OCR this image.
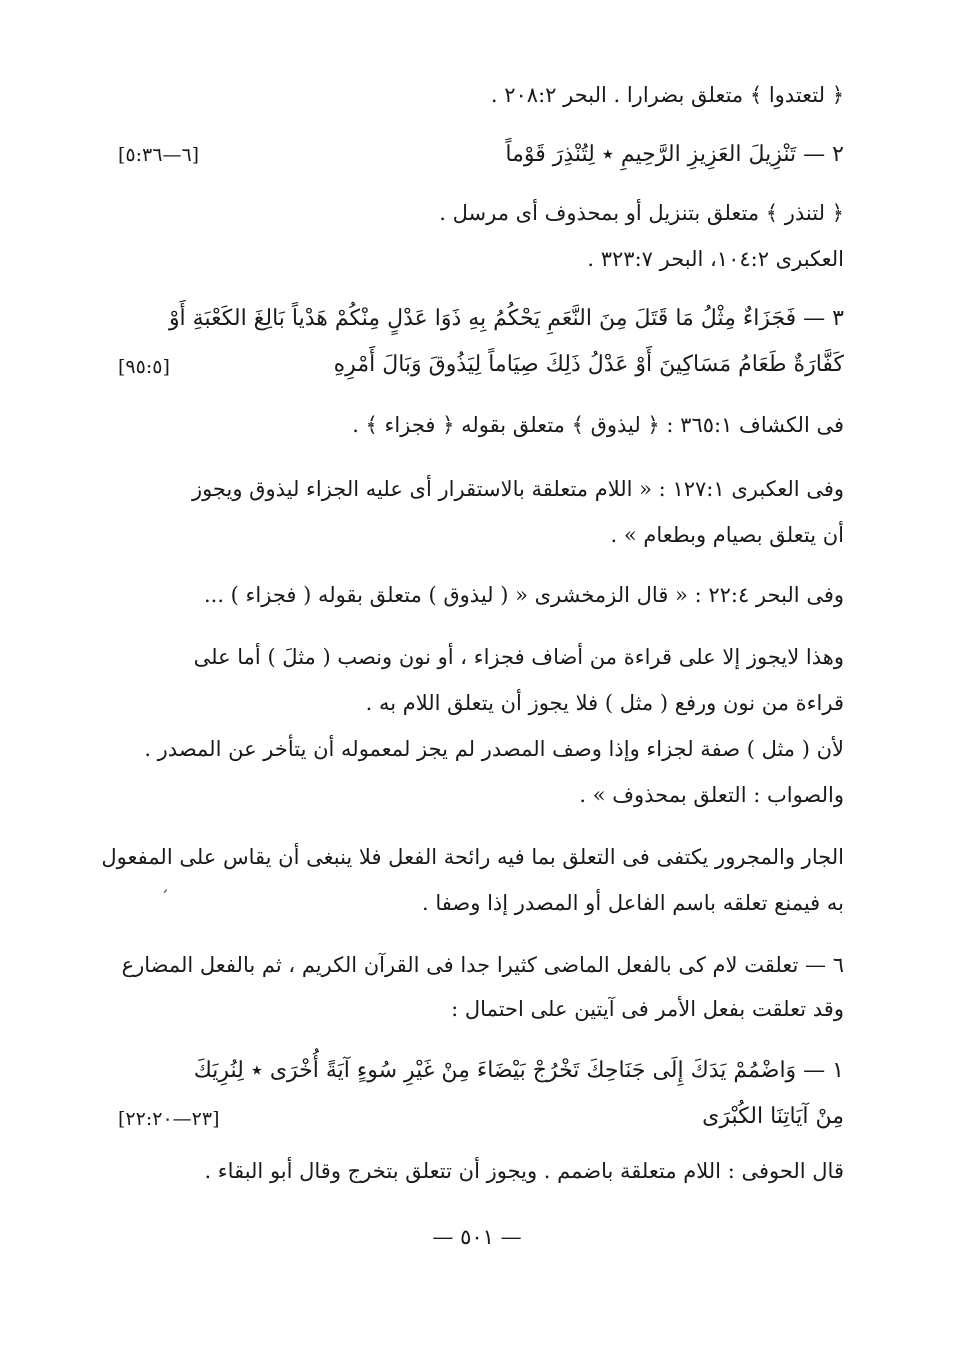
﴿ لتعتدوا ﴾ متعلق بضرارا . البحر ٢٠٨:٢ .
٢ — تَنْزِيلَ العَزِيزِ الرَّحِيمِ ٭ لِتُنْذِرَ قَوْماً
[٦—٥:٣٦]
﴿ لتنذر ﴾ متعلق بتنزيل أو بمحذوف أى مرسل .
العكبرى ١٠٤:٢، البحر ٣٢٣:٧ .
٣ — فَجَزَاءٌ مِثْلُ مَا قَتَلَ مِنَ النَّعَمِ يَحْكُمُ بِهِ ذَوَا عَدْلٍ مِنْكُمْ هَدْياً بَالِغَ الكَعْبَةِ أَوْ
كَفَّارَةٌ طَعَامُ مَسَاكِينَ أَوْ عَدْلُ ذَلِكَ صِيَاماً لِيَذُوقَ وَبَالَ أَمْرِهِ
[٩٥:٥]
فى الكشاف ٣٦٥:١ : ﴿ ليذوق ﴾ متعلق بقوله ﴿ فجزاء ﴾ .
وفى العكبرى ١٢٧:١ : « اللام متعلقة بالاستقرار أى عليه الجزاء ليذوق ويجوز
أن يتعلق بصيام وبطعام » .
وفى البحر ٢٢:٤ : « قال الزمخشرى « ( ليذوق ) متعلق بقوله ( فجزاء ) ...
وهذا لايجوز إلا على قراءة من أضاف فجزاء ، أو نون ونصب ( مثلَ ) أما على
قراءة من نون ورفع ( مثل ) فلا يجوز أن يتعلق اللام به .
لأن ( مثل ) صفة لجزاء وإذا وصف المصدر لم يجز لمعموله أن يتأخر عن المصدر .
والصواب : التعلق بمحذوف » .
الجار والمجرور يكتفى فى التعلق بما فيه رائحة الفعل فلا ينبغى أن يقاس على المفعول
به فيمنع تعلقه باسم الفاعل أو المصدر إذا وصفا .
٦ — تعلقت لام كى بالفعل الماضى كثيرا جدا فى القرآن الكريم ، ثم بالفعل المضارع
وقد تعلقت بفعل الأمر فى آيتين على احتمال :
١ — وَاضْمُمْ يَدَكَ إِلَى جَنَاحِكَ تَخْرُجْ بَيْضَاءَ مِنْ غَيْرِ سُوءٍ آيَةً أُخْرَى ٭ لِنُرِيَكَ
مِنْ آيَاتِنَا الكُبْرَى
[٢٣—٢٢:٢٠]
قال الحوفى : اللام متعلقة باضمم . ويجوز أن تتعلق بتخرج وقال أبو البقاء .
— ٥٠١ —
ˊ
